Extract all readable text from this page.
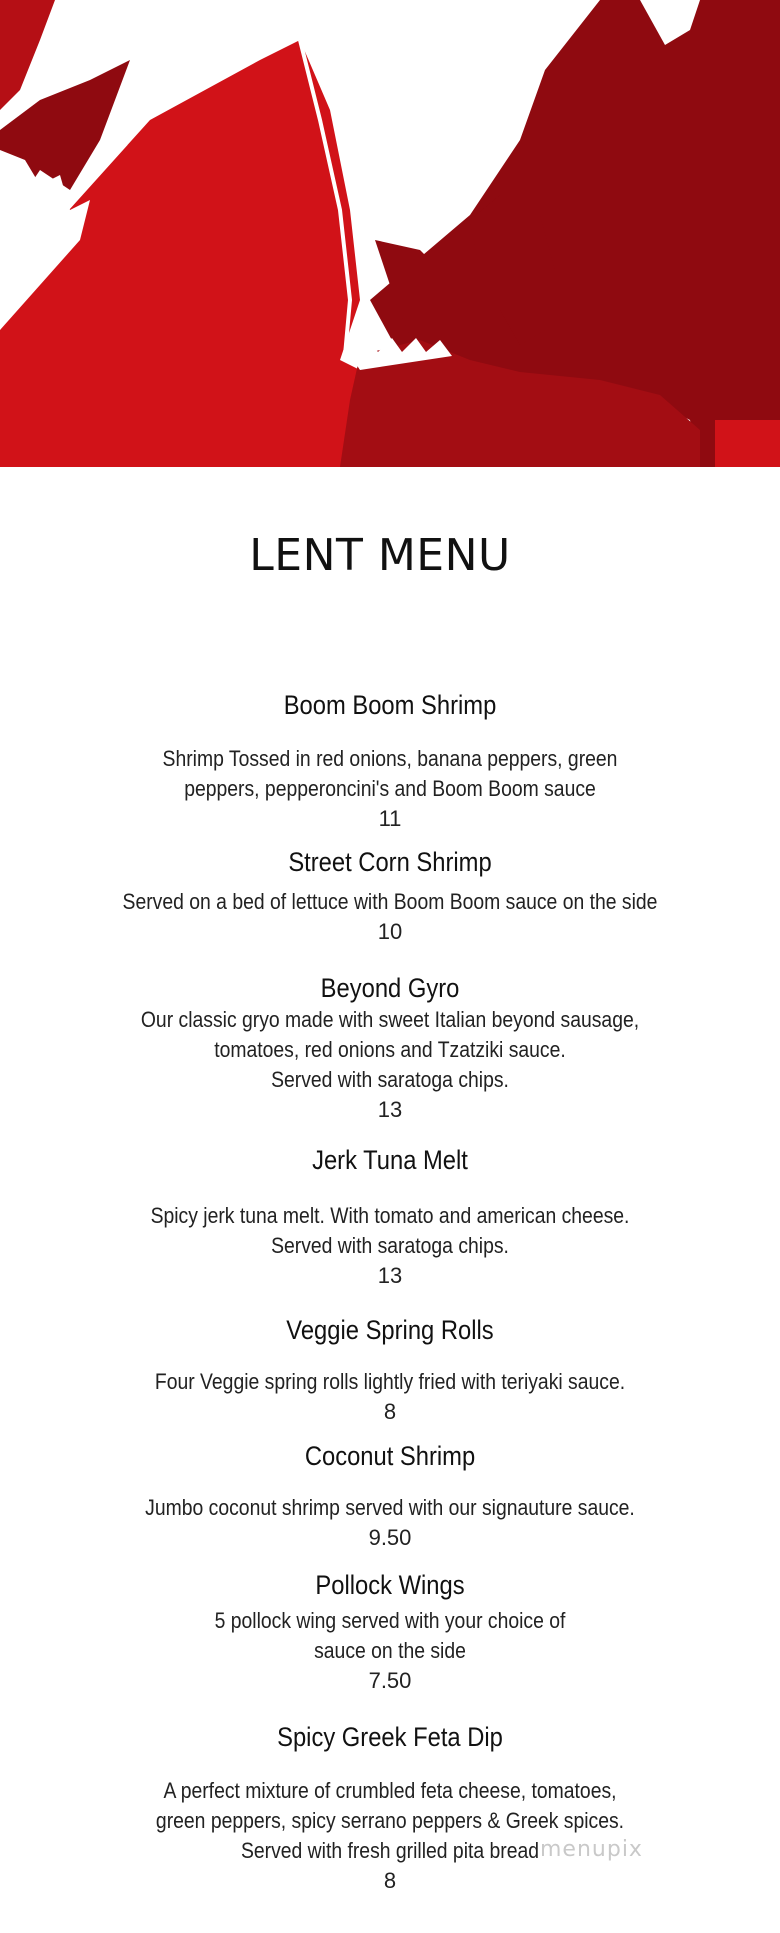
LENT MENU
Boom Boom Shrimp
Shrimp Tossed in red onions, banana peppers, green
peppers, pepperoncini's and Boom Boom sauce
11
Street Corn Shrimp
Served on a bed of lettuce with Boom Boom sauce on the side
10
Beyond Gyro
Our classic gryo made with sweet Italian beyond sausage,
tomatoes, red onions and Tzatziki sauce.
Served with saratoga chips.
13
Jerk Tuna Melt
Spicy jerk tuna melt. With tomato and american cheese.
Served with saratoga chips.
13
Veggie Spring Rolls
Four Veggie spring rolls lightly fried with teriyaki sauce.
8
Coconut Shrimp
Jumbo coconut shrimp served with our signauture sauce.
9.50
Pollock Wings
5 pollock wing served with your choice of
sauce on the side
7.50
Spicy Greek Feta Dip
A perfect mixture of crumbled feta cheese, tomatoes,
green peppers, spicy serrano peppers & Greek spices.
Served with fresh grilled pita bread
8
menupix
